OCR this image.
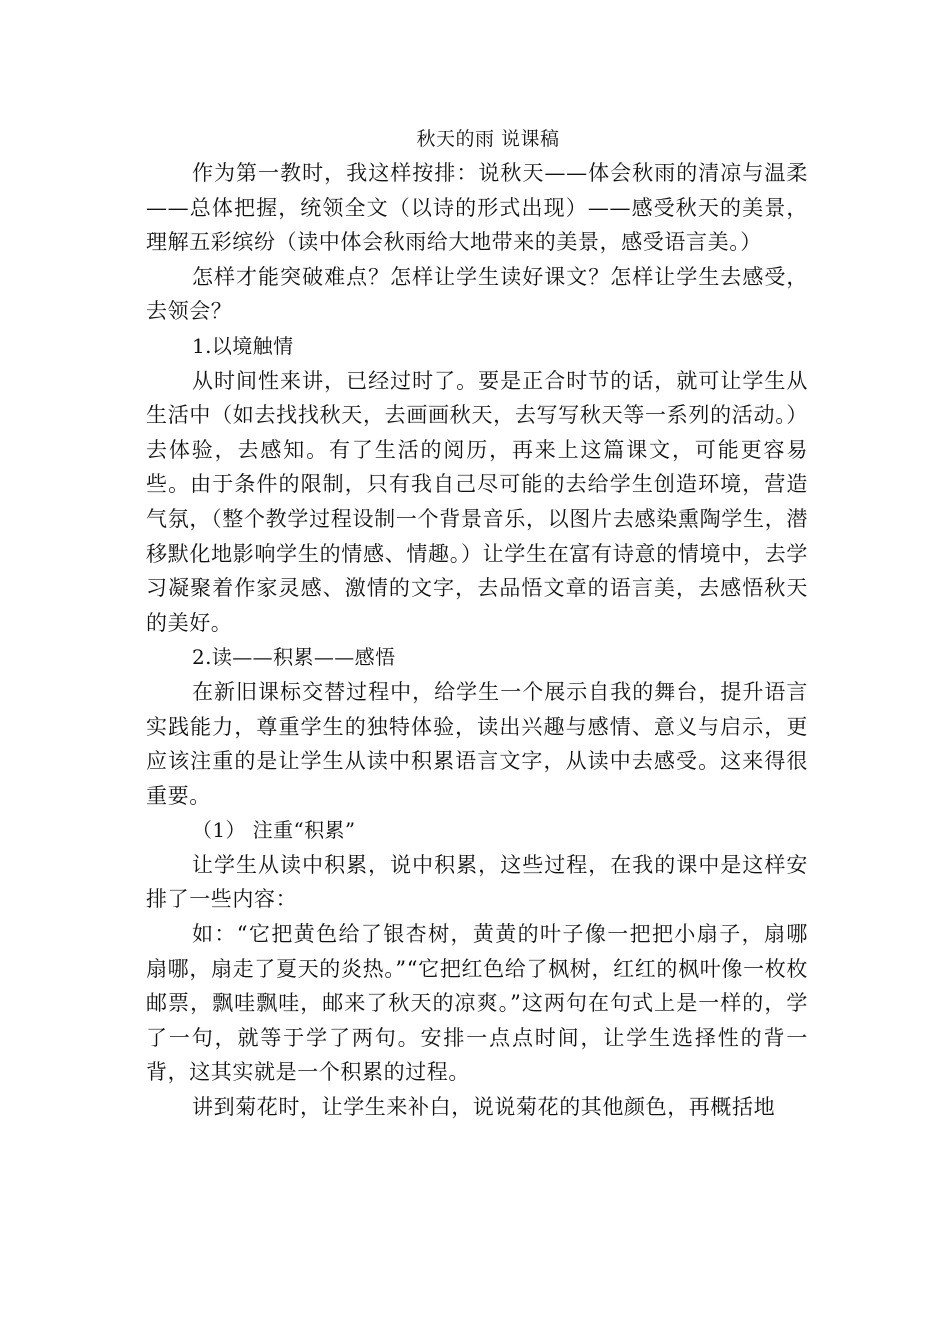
秋天的雨 说课稿

作为第一教时，我这样按排：说秋天——体会秋雨的清凉与温柔——总体把握，统领全文（以诗的形式出现）——感受秋天的美景，理解五彩缤纷（读中体会秋雨给大地带来的美景，感受语言美。）

怎样才能突破难点？怎样让学生读好课文？怎样让学生去感受，去领会？

1.以境触情

从时间性来讲，已经过时了。要是正合时节的话，就可让学生从生活中（如去找找秋天，去画画秋天，去写写秋天等一系列的活动。）去体验，去感知。有了生活的阅历，再来上这篇课文，可能更容易些。由于条件的限制，只有我自己尽可能的去给学生创造环境，营造气氛，（整个教学过程设制一个背景音乐，以图片去感染熏陶学生，潜移默化地影响学生的情感、情趣。）让学生在富有诗意的情境中，去学习凝聚着作家灵感、激情的文字，去品悟文章的语言美，去感悟秋天的美好。

2.读——积累——感悟

在新旧课标交替过程中，给学生一个展示自我的舞台，提升语言实践能力，尊重学生的独特体验，读出兴趣与感情、意义与启示，更应该注重的是让学生从读中积累语言文字，从读中去感受。这来得很重要。

（1） 注重“积累”

让学生从读中积累，说中积累，这些过程，在我的课中是这样安排了一些内容：

如：“它把黄色给了银杏树，黄黄的叶子像一把把小扇子，扇哪扇哪，扇走了夏天的炎热。”“它把红色给了枫树，红红的枫叶像一枚枚邮票，飘哇飘哇，邮来了秋天的凉爽。”这两句在句式上是一样的，学了一句，就等于学了两句。安排一点点时间，让学生选择性的背一背，这其实就是一个积累的过程。

讲到菊花时，让学生来补白，说说菊花的其他颜色，再概括地
